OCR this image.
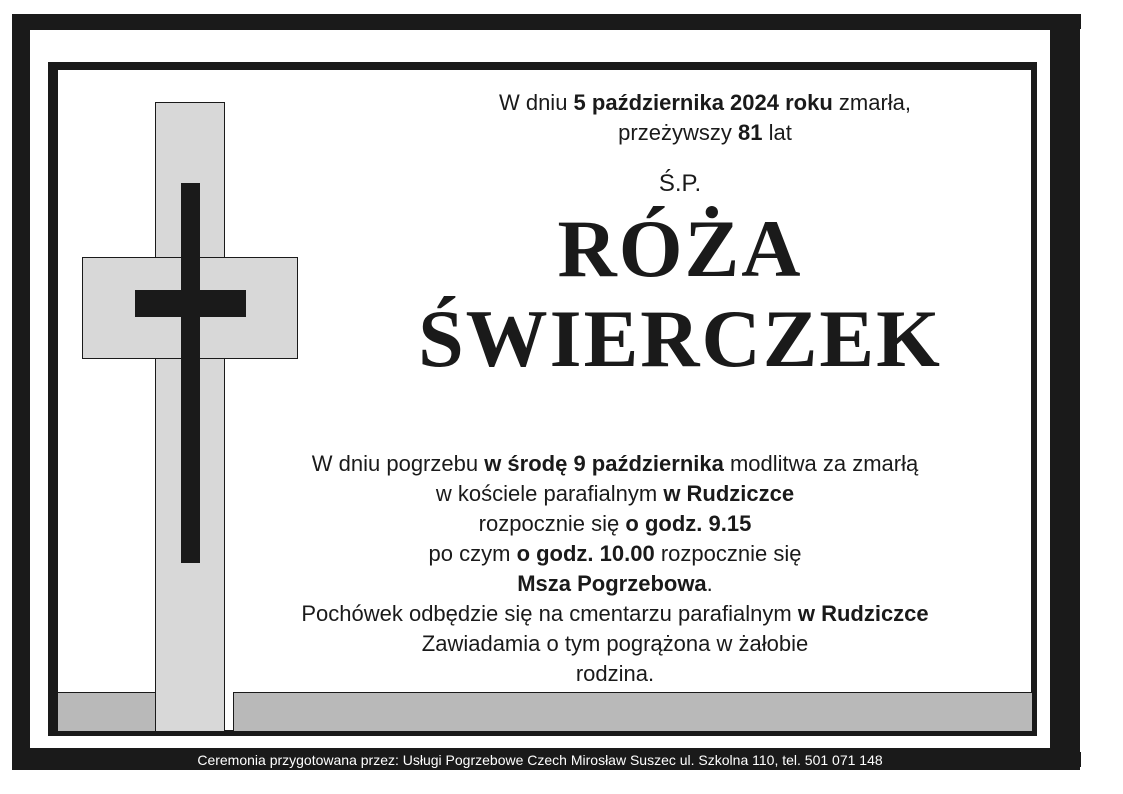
W dniu 5 października 2024 roku zmarła,
przeżywszy 81 lat
Ś.P.
RÓŻA
ŚWIERCZEK
W dniu pogrzebu w środę 9 października modlitwa za zmarłą
w kościele parafialnym w Rudziczce
rozpocznie się o godz. 9.15
po czym o godz. 10.00 rozpocznie się
Msza Pogrzebowa.
Pochówek odbędzie się na cmentarzu parafialnym w Rudziczce
Zawiadamia o tym pogrążona w żałobie
rodzina.
Ceremonia przygotowana przez: Usługi Pogrzebowe Czech Mirosław Suszec ul. Szkolna 110, tel. 501 071 148
